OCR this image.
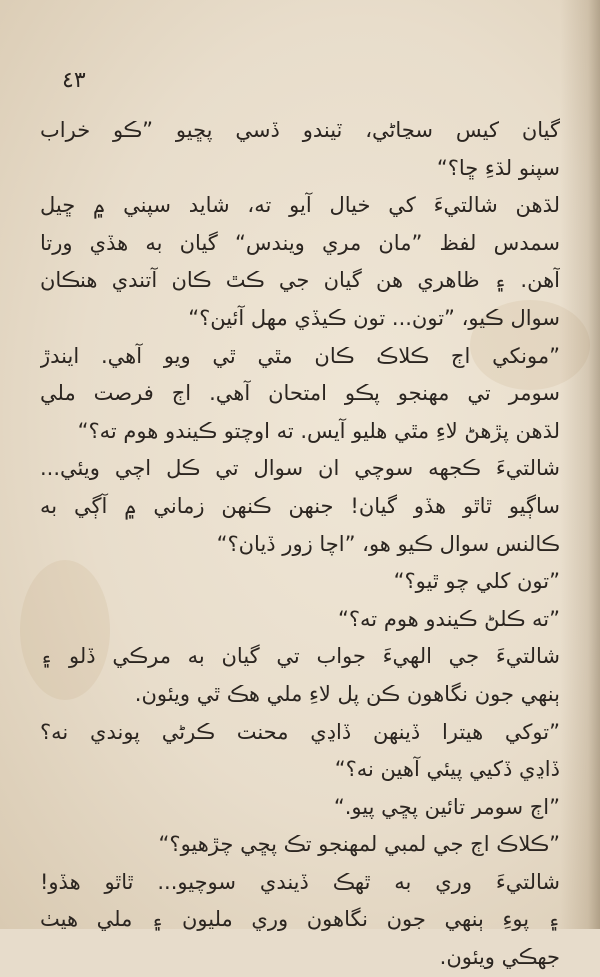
٤٣
گيان کيس سڃاڻي، ٽيندو ڏسي پڇيو ”ڪو خراب
سپنو لڌءِ ڇا؟“
لڌهن شالتيءَ کي خيال آيو ته، شايد سپني ۾ ڇيل
سمدس لفظ ”مان مري ويندس“ گيان به هڏي ورتا
آهن. ۽ ظاهري هن گيان جي ڪٿ ڪان آتندي هنڪان
سوال ڪيو، ”تون... تون ڪيڏي مهل آئين؟“
”مونکي اڄ ڪلاڪ ڪان مٿي ٿي ويو آهي. ايندڙ
سومر تي مهنجو پڪو امتحان آهي. اڄ فرصت ملي
لڌهن پڙهڻ لاءِ مٿي هليو آيس. ته اوچتو ڪيندو هوم ته؟“
شالتيءَ ڪجهه سوچي ان سوال تي ڪل اچي ويئي...
ساڳيو ٿاٿو هڏو گيان! جنهن ڪنهن زماني ۾ آڳي به
ڪالنس سوال ڪيو هو، ”اچا زور ڏيان؟“
”تون کلي چو ٿيو؟“
”ته ڪلڻ ڪيندو هوم ته؟“
شالتيءَ جي الهيءَ جواب تي گيان به مرڪي ڏلو ۽
ٻنهي جون نگاهون ڪن پل لاءِ ملي هڪ ٿي ويئون.
”توکي هيترا ڏينهن ڏاڍي محنت ڪرڻي پوندي نه؟
ڏاڍي ڏکيي پيئي آهين نه؟“
”اڄ سومر تائين پڇي پيو.“
”ڪلاڪ اڄ جي لمبي لمهنجو تڪ پڇي چڙهيو؟“
شالتيءَ وري به ٿهڪ ڏيندي سوچيو... ٿاٿو هڏو!
۽ پوءِ ٻنهي جون نگاهون وري مليون ۽ ملي هيٺ
جهڪي ويئون.
